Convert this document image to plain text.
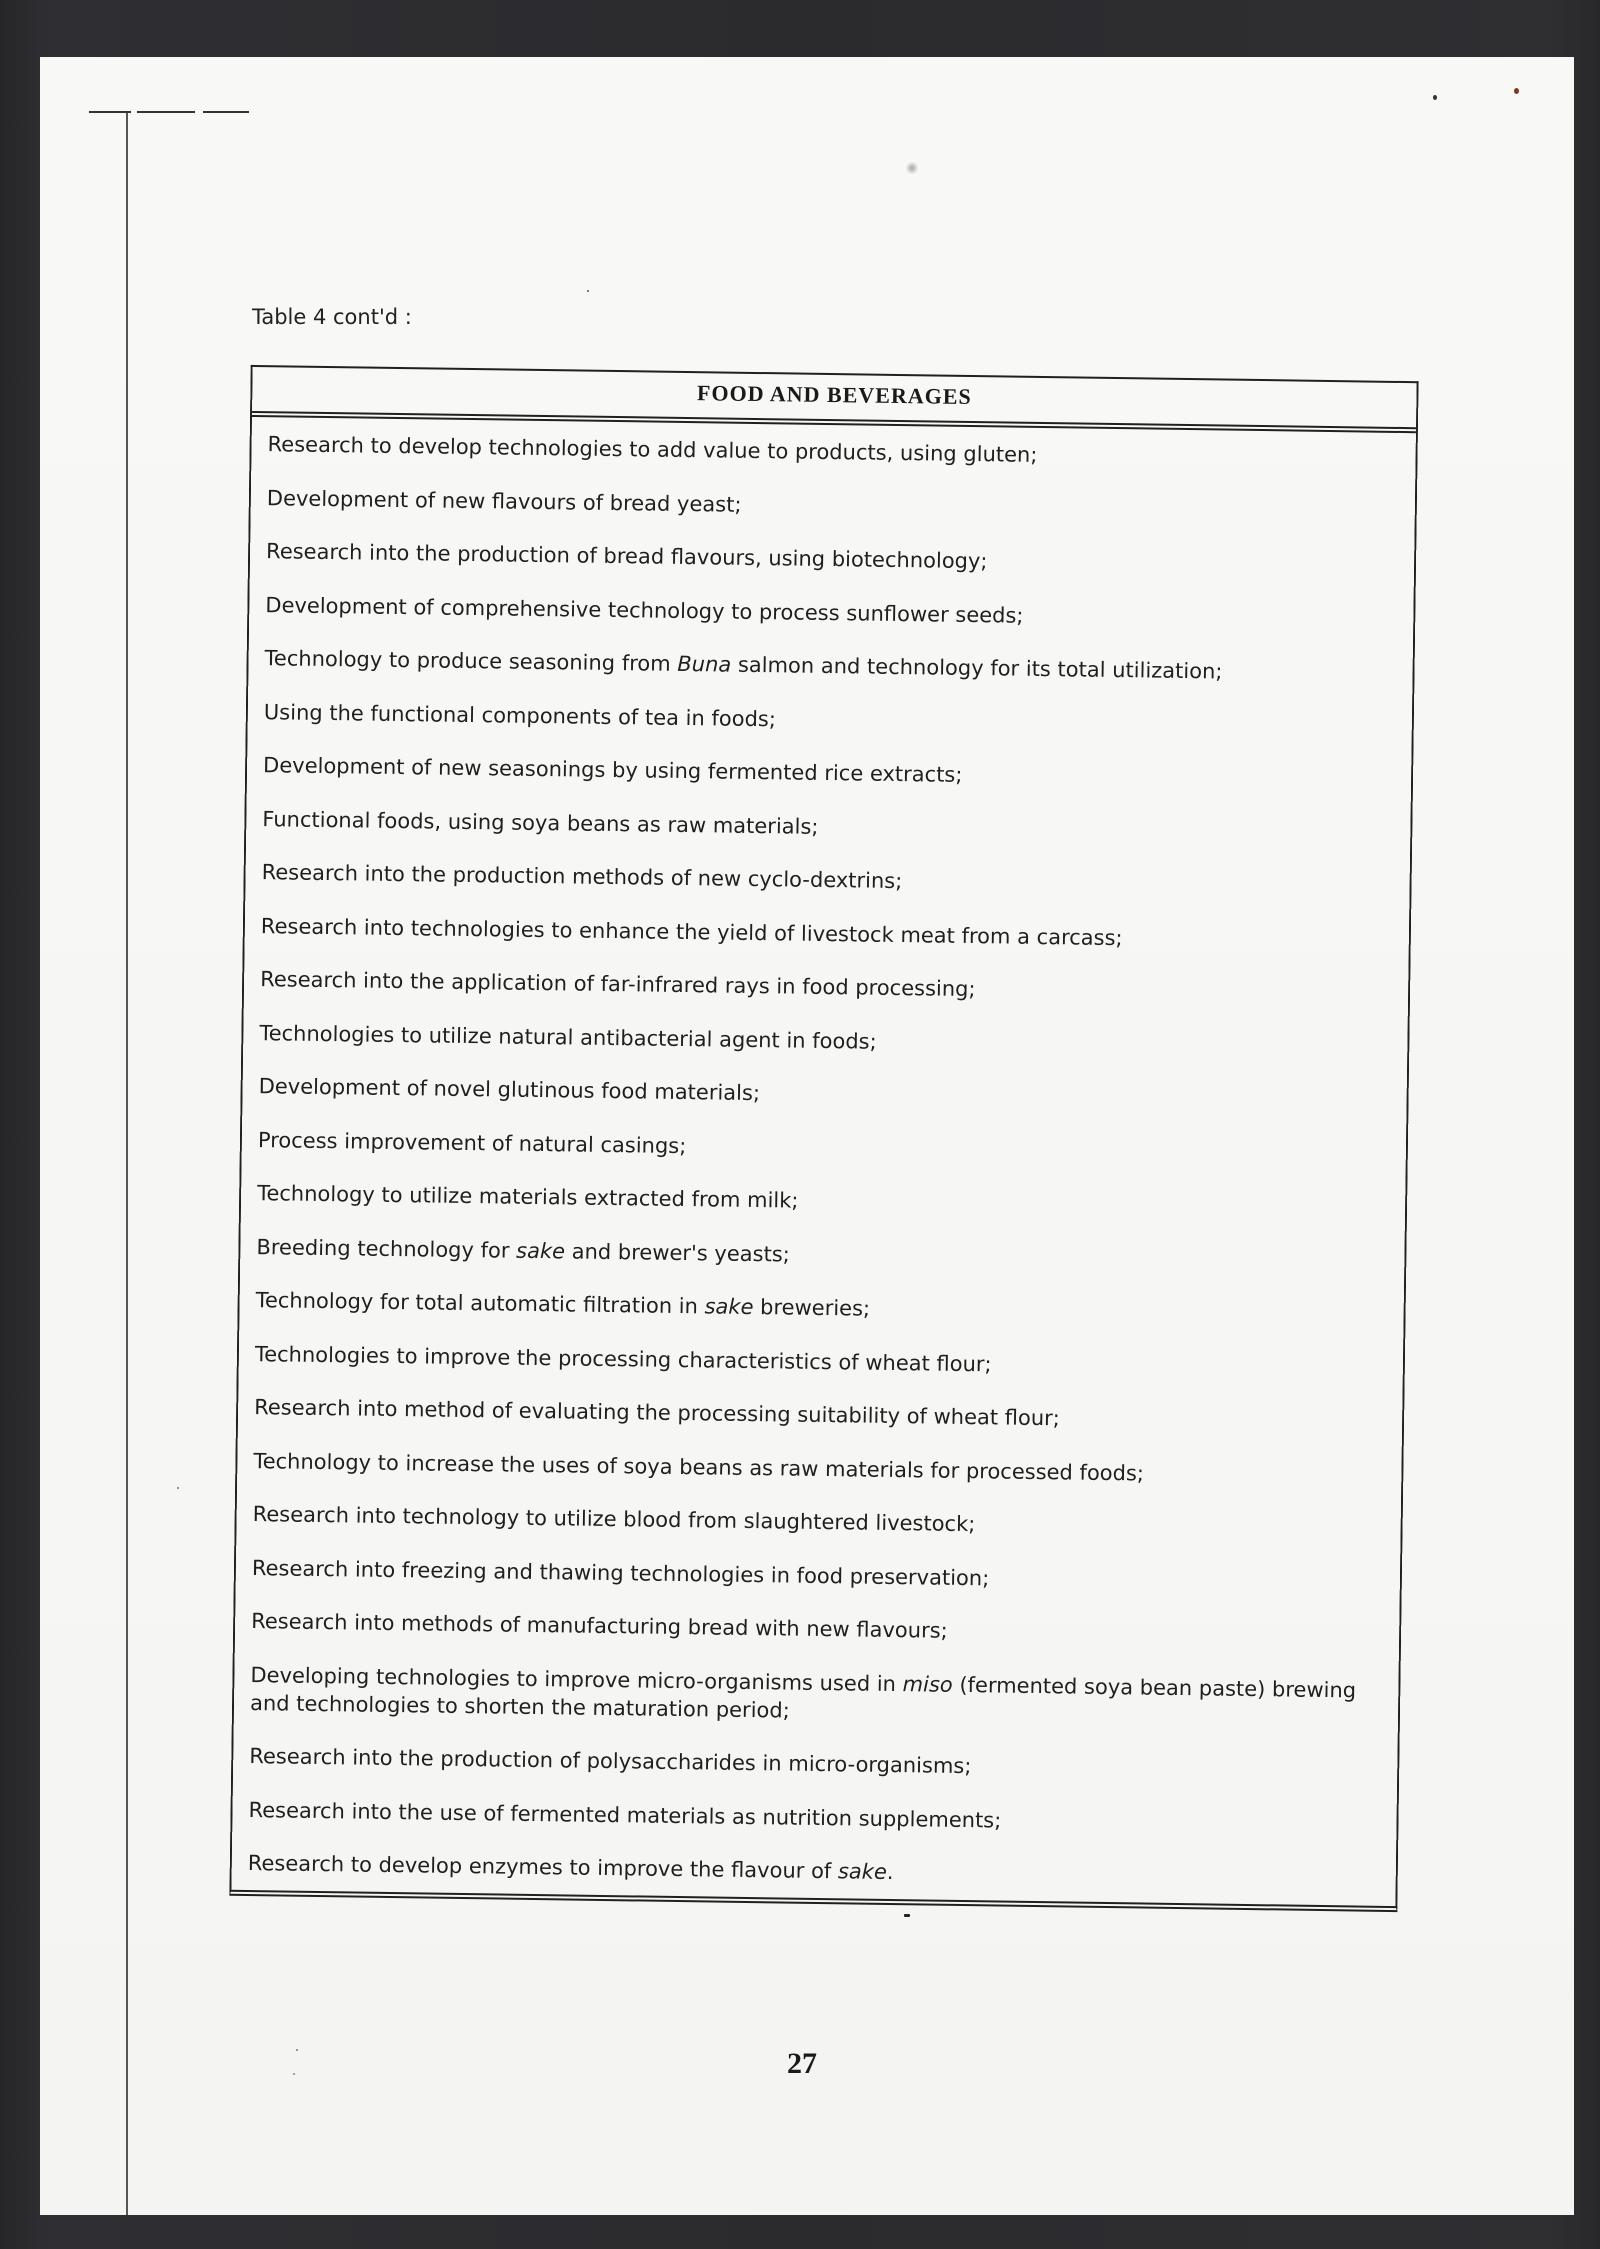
Table 4 cont'd :
FOOD AND BEVERAGES
Research to develop technologies to add value to products, using gluten;
Development of new flavours of bread yeast;
Research into the production of bread flavours, using biotechnology;
Development of comprehensive technology to process sunflower seeds;
Technology to produce seasoning from Buna salmon and technology for its total utilization;
Using the functional components of tea in foods;
Development of new seasonings by using fermented rice extracts;
Functional foods, using soya beans as raw materials;
Research into the production methods of new cyclo-dextrins;
Research into technologies to enhance the yield of livestock meat from a carcass;
Research into the application of far-infrared rays in food processing;
Technologies to utilize natural antibacterial agent in foods;
Development of novel glutinous food materials;
Process improvement of natural casings;
Technology to utilize materials extracted from milk;
Breeding technology for sake and brewer's yeasts;
Technology for total automatic filtration in sake breweries;
Technologies to improve the processing characteristics of wheat flour;
Research into method of evaluating the processing suitability of wheat flour;
Technology to increase the uses of soya beans as raw materials for processed foods;
Research into technology to utilize blood from slaughtered livestock;
Research into freezing and thawing technologies in food preservation;
Research into methods of manufacturing bread with new flavours;
Developing technologies to improve micro-organisms used in miso (fermented soya bean paste) brewing and technologies to shorten the maturation period;
Research into the production of polysaccharides in micro-organisms;
Research into the use of fermented materials as nutrition supplements;
Research to develop enzymes to improve the flavour of sake.
27
